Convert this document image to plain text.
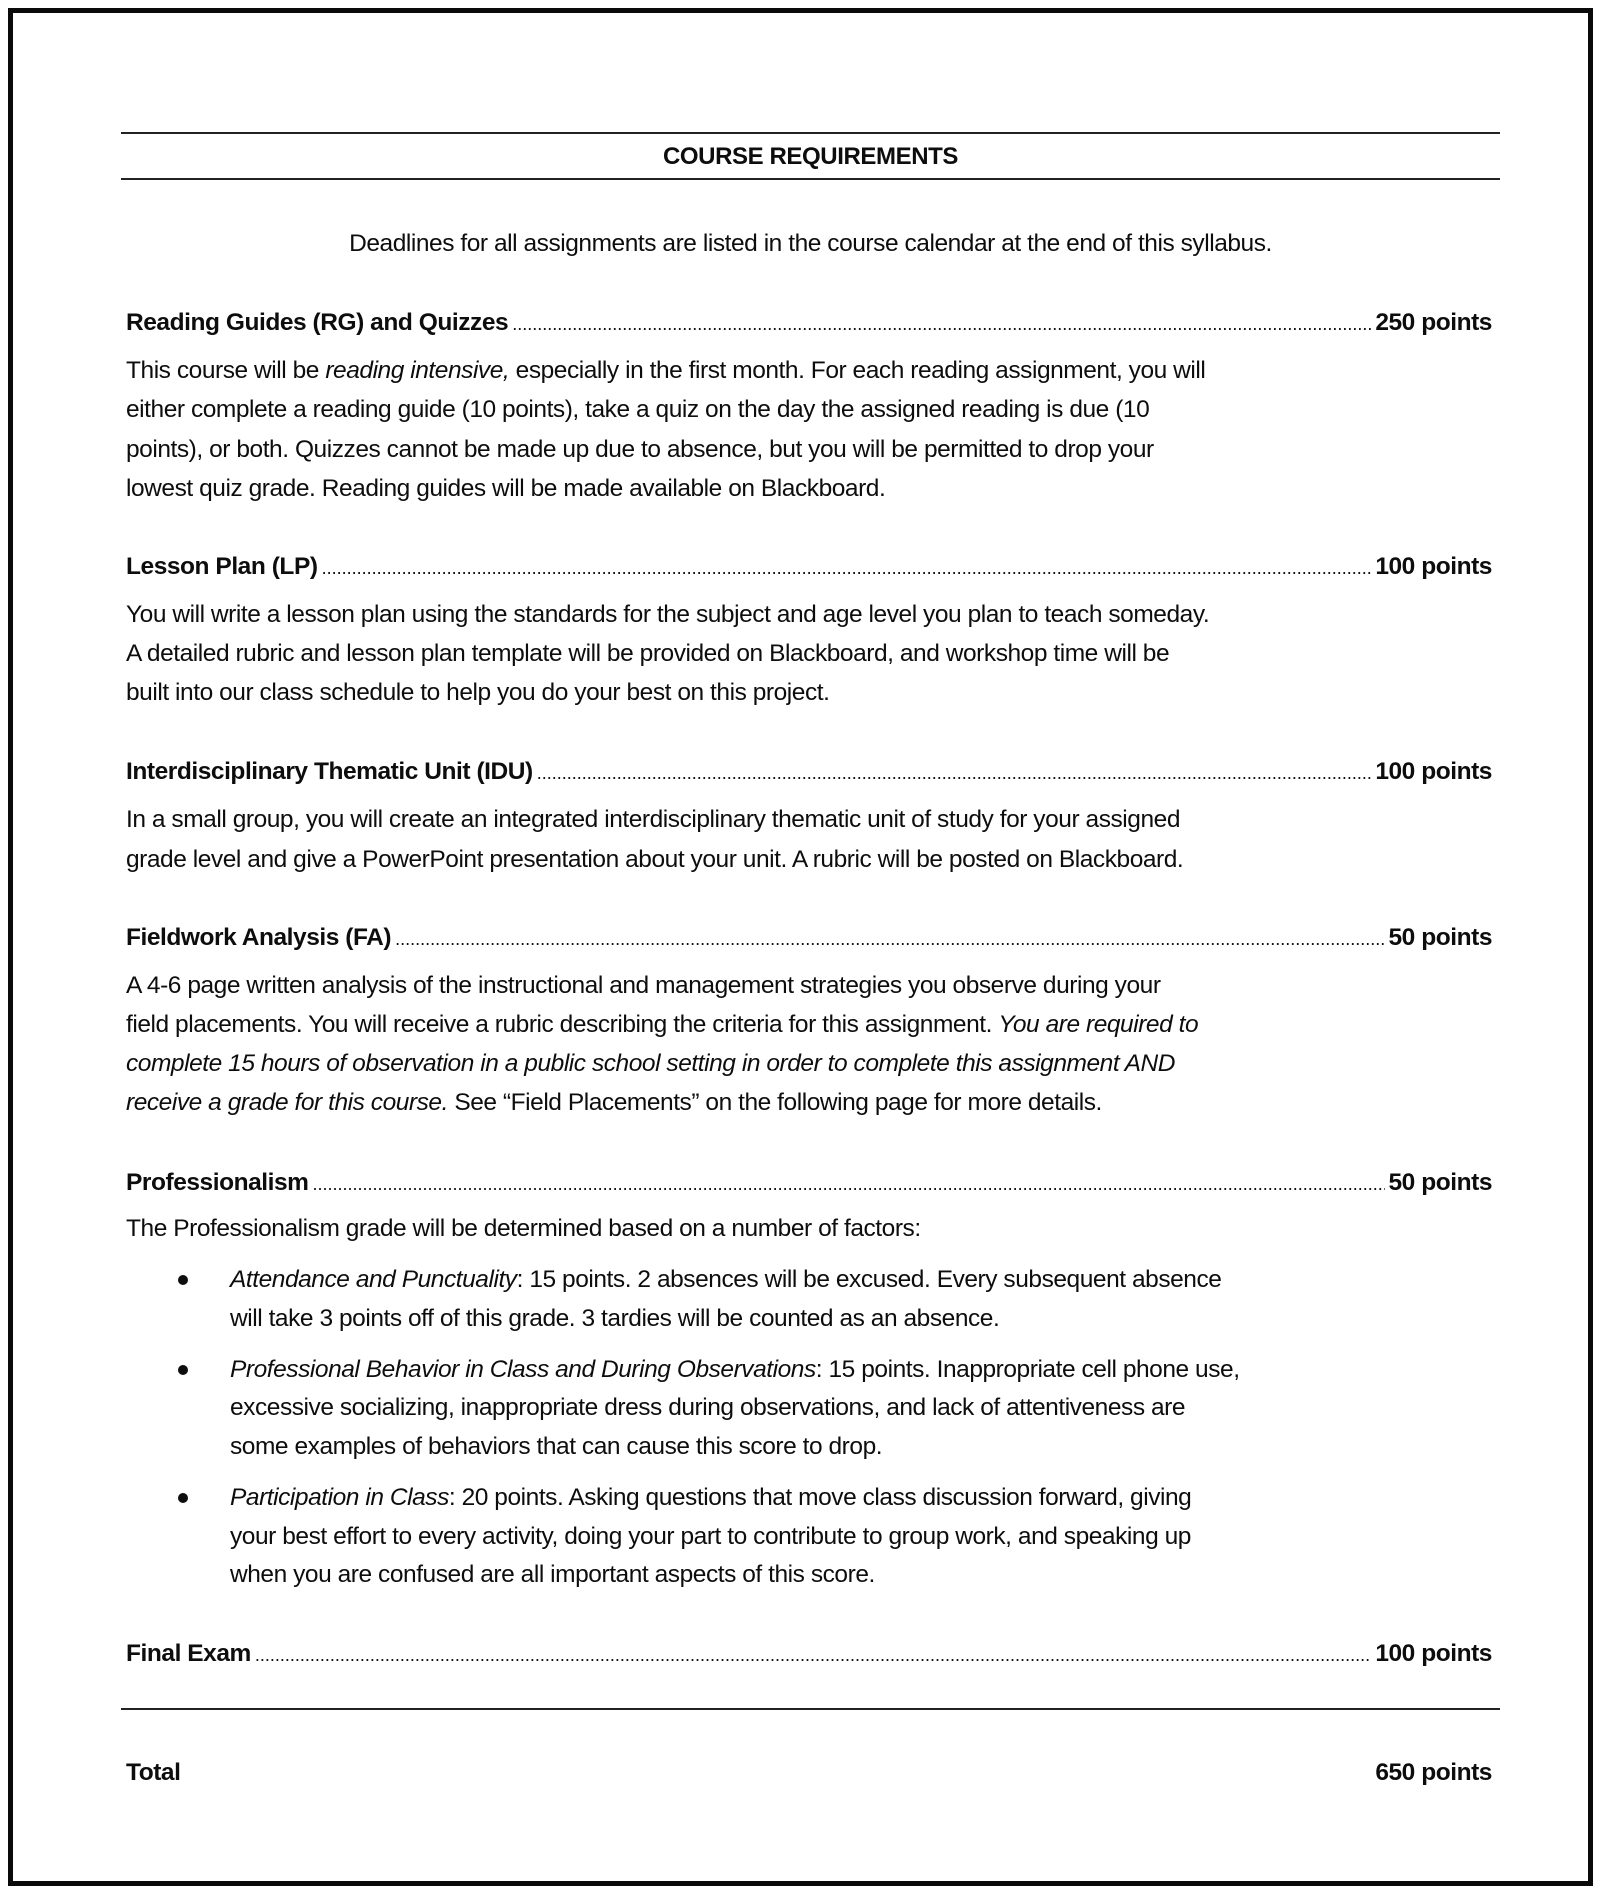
COURSE REQUIREMENTS
Deadlines for all assignments are listed in the course calendar at the end of this syllabus.
Reading Guides (RG) and Quizzes .....	250 points
This course will be reading intensive, especially in the first month. For each reading assignment, you will
either complete a reading guide (10 points), take a quiz on the day the assigned reading is due (10
points), or both. Quizzes cannot be made up due to absence, but you will be permitted to drop your
lowest quiz grade. Reading guides will be made available on Blackboard.
Lesson Plan (LP) .....	100 points
You will write a lesson plan using the standards for the subject and age level you plan to teach someday.
A detailed rubric and lesson plan template will be provided on Blackboard, and workshop time will be
built into our class schedule to help you do your best on this project.
Interdisciplinary Thematic Unit (IDU) .....	100 points
In a small group, you will create an integrated interdisciplinary thematic unit of study for your assigned
grade level and give a PowerPoint presentation about your unit. A rubric will be posted on Blackboard.
Fieldwork Analysis (FA) .....	50 points
A 4-6 page written analysis of the instructional and management strategies you observe during your
field placements. You will receive a rubric describing the criteria for this assignment. You are required to
complete 15 hours of observation in a public school setting in order to complete this assignment AND
receive a grade for this course. See “Field Placements” on the following page for more details.
Professionalism .....	50 points
The Professionalism grade will be determined based on a number of factors:
Attendance and Punctuality: 15 points. 2 absences will be excused. Every subsequent absence
will take 3 points off of this grade. 3 tardies will be counted as an absence.
Professional Behavior in Class and During Observations: 15 points. Inappropriate cell phone use,
excessive socializing, inappropriate dress during observations, and lack of attentiveness are
some examples of behaviors that can cause this score to drop.
Participation in Class: 20 points. Asking questions that move class discussion forward, giving
your best effort to every activity, doing your part to contribute to group work, and speaking up
when you are confused are all important aspects of this score.
Final Exam .....	100 points
Total	650 points
